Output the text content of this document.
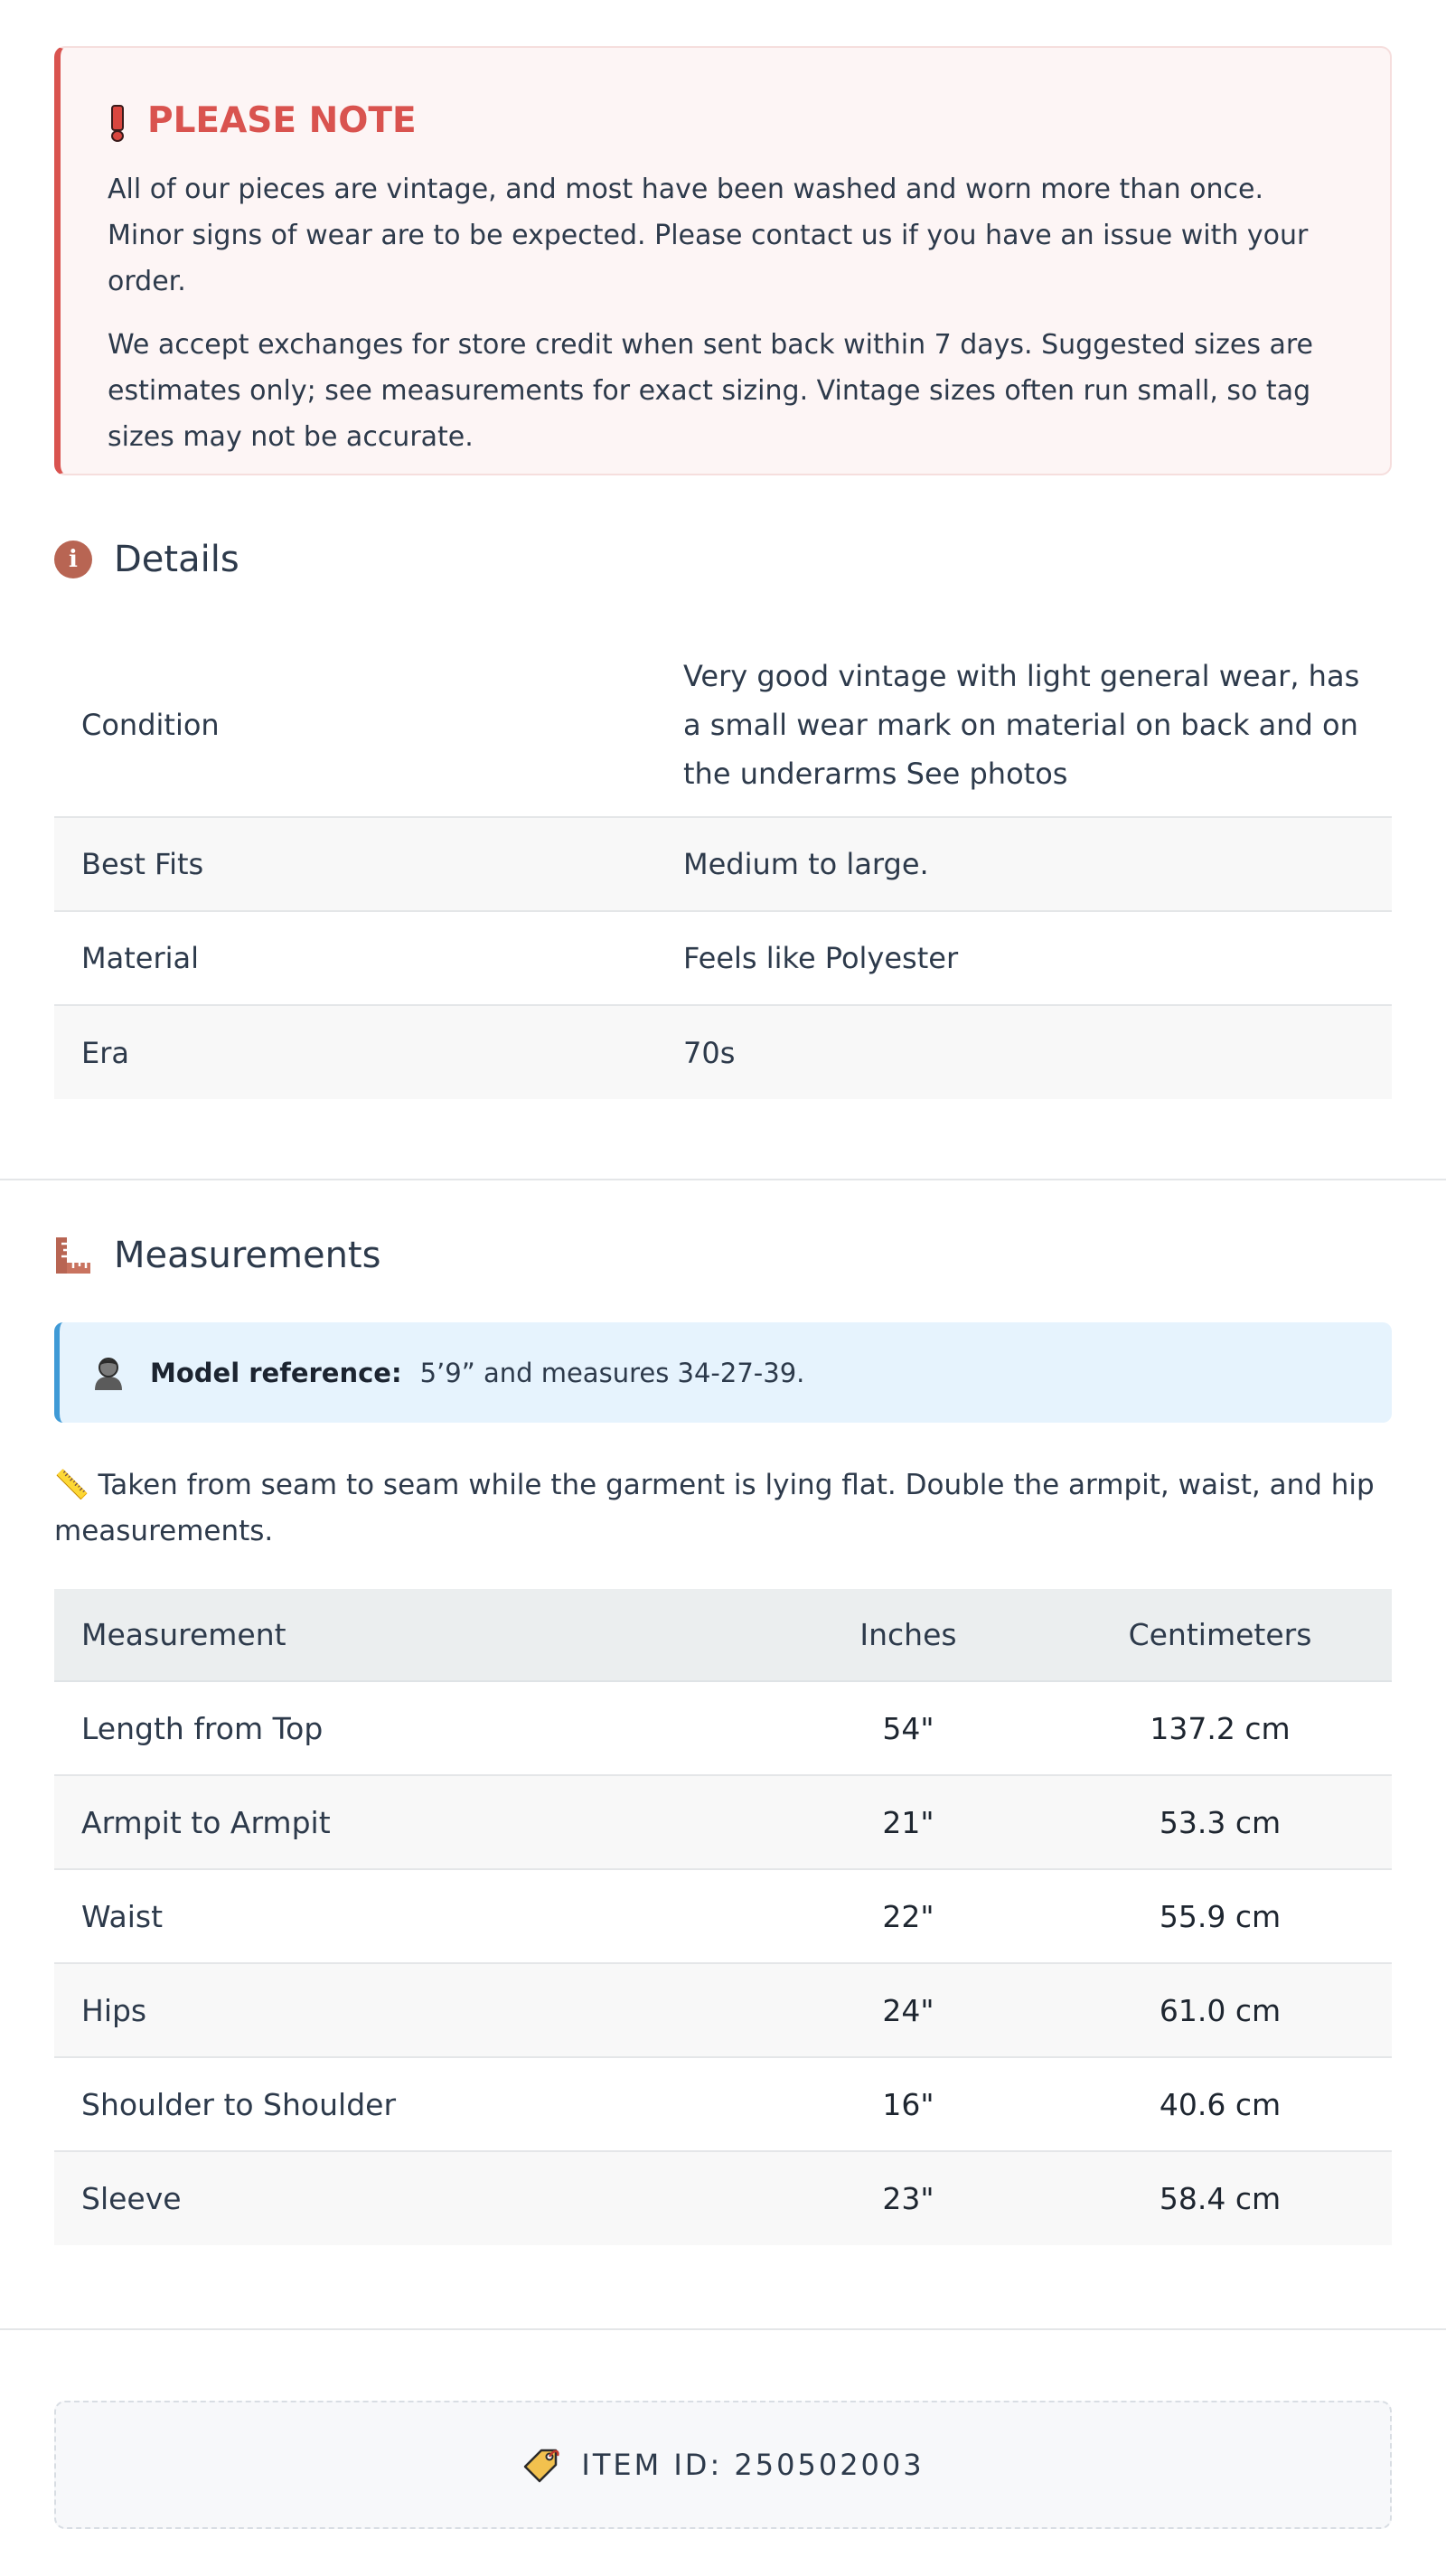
PLEASE NOTE

All of our pieces are vintage, and most have been washed and worn more than once. Minor signs of wear are to be expected. Please contact us if you have an issue with your order.

We accept exchanges for store credit when sent back within 7 days. Suggested sizes are estimates only; see measurements for exact sizing. Vintage sizes often run small, so tag sizes may not be accurate.

i	Details
Condition	Very good vintage with light general wear, has a small wear mark on material on back and on the underarms See photos
Best Fits	Medium to large.
Material	Feels like Polyester
Era	70s
Measurements
Model reference: 5’9” and measures 34-27-39.
📏 Taken from seam to seam while the garment is lying flat. Double the armpit, waist, and hip measurements.
Measurement	Inches	Centimeters
Length from Top	54"	137.2 cm
Armpit to Armpit	21"	53.3 cm
Waist	22"	55.9 cm
Hips	24"	61.0 cm
Shoulder to Shoulder	16"	40.6 cm
Sleeve	23"	58.4 cm
ITEM ID: 250502003
